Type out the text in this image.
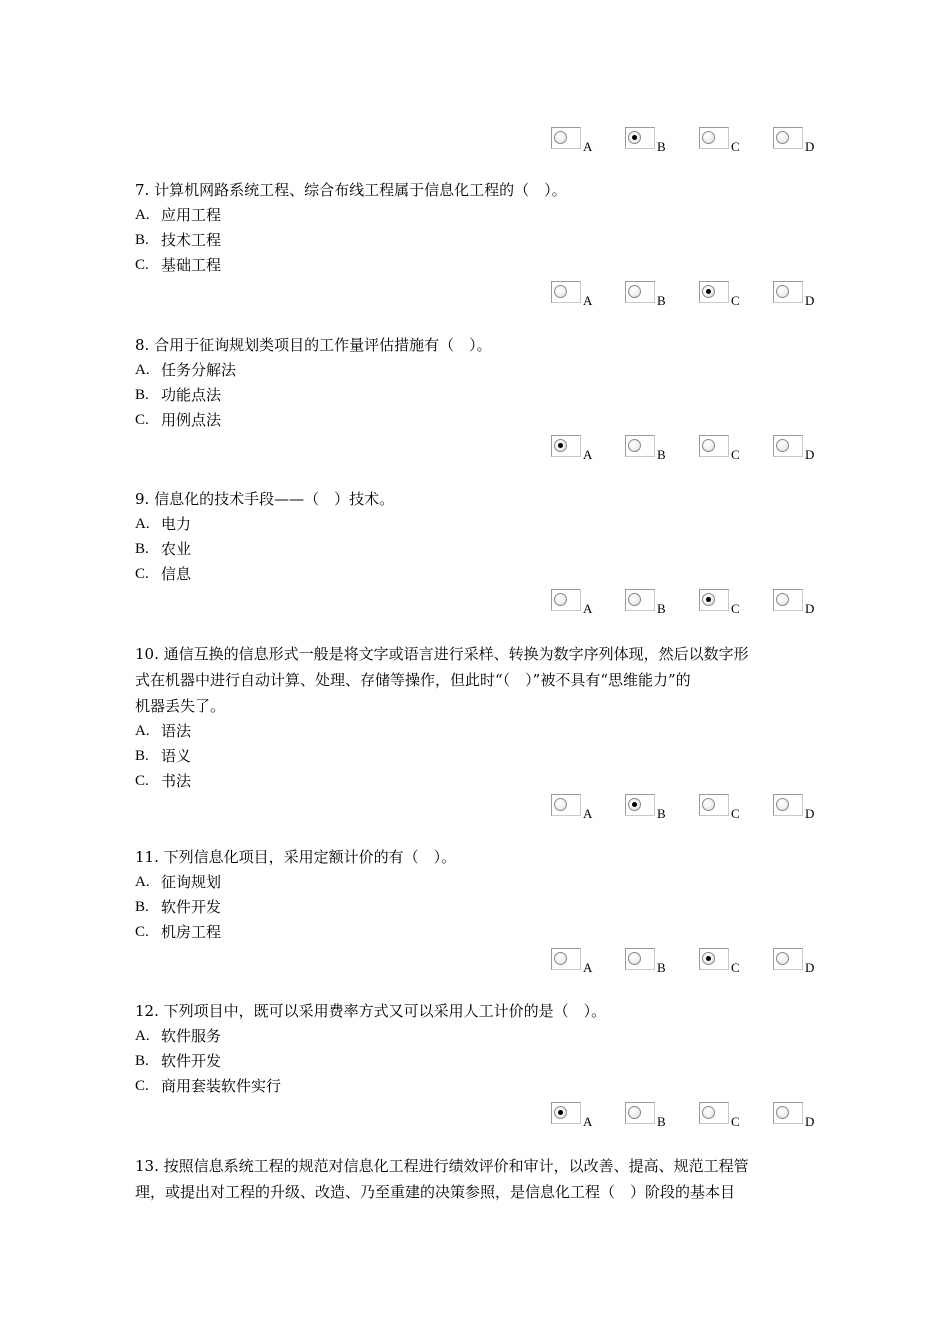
A	B	C	D

7. 计算机网路系统工程、综合布线工程属于信息化工程的（　）。

A. 应用工程

B. 技术工程

C. 基础工程

A	B	C	D

8. 合用于征询规划类项目的工作量评估措施有（　）。

A. 任务分解法

B. 功能点法

C. 用例点法

A	B	C	D

9. 信息化的技术手段——（　）技术。

A. 电力

B. 农业

C. 信息

A	B	C	D

10. 通信互换的信息形式一般是将文字或语言进行采样、转换为数字序列体现，然后以数字形

式在机器中进行自动计算、处理、存储等操作，但此时“（　）”被不具有“思维能力”的

机器丢失了。

A. 语法

B. 语义

C. 书法

A	B	C	D

11. 下列信息化项目，采用定额计价的有（　）。

A. 征询规划

B. 软件开发

C. 机房工程

A	B	C	D

12. 下列项目中，既可以采用费率方式又可以采用人工计价的是（　）。

A. 软件服务

B. 软件开发

C. 商用套装软件实行

A	B	C	D

13. 按照信息系统工程的规范对信息化工程进行绩效评价和审计，以改善、提高、规范工程管

理，或提出对工程的升级、改造、乃至重建的决策参照，是信息化工程（　）阶段的基本目
